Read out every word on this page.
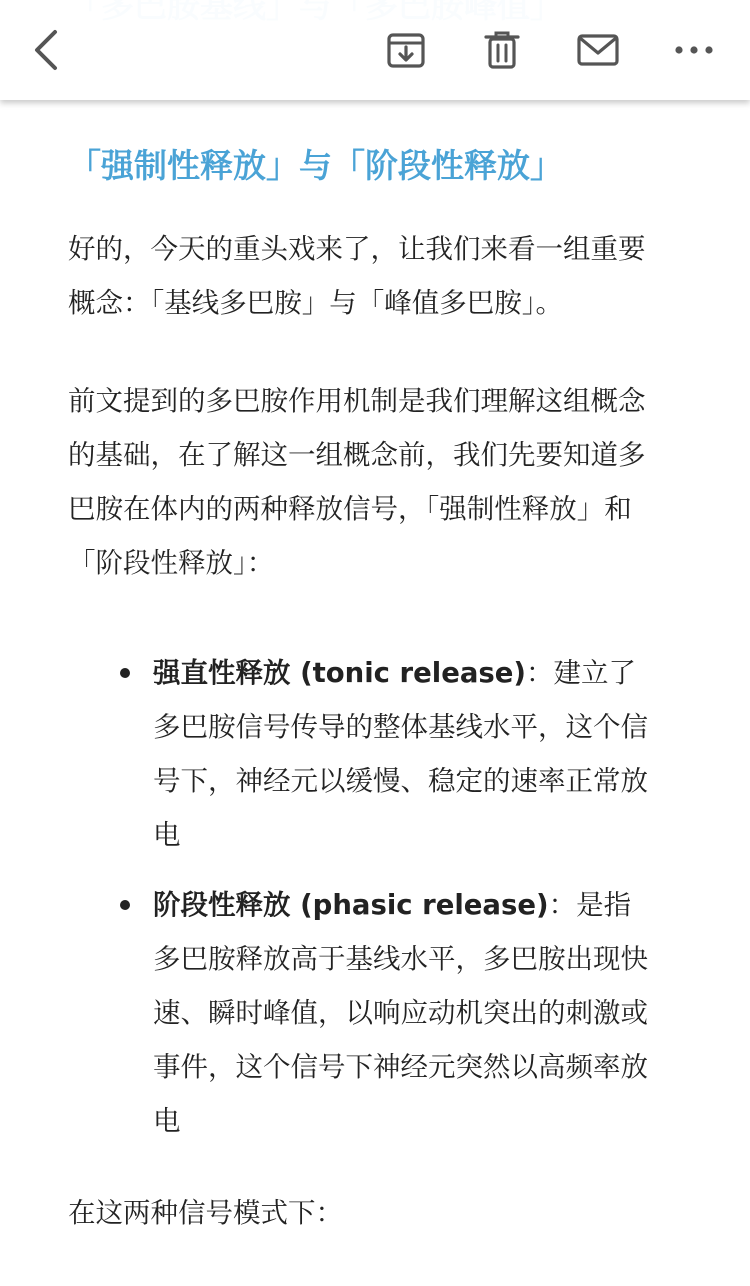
「强制性释放」与「阶段性释放」
好的，今天的重头戏来了，让我们来看一组重要概念：「基线多巴胺」与「峰值多巴胺」。
前文提到的多巴胺作用机制是我们理解这组概念的基础，在了解这一组概念前，我们先要知道多巴胺在体内的两种释放信号，「强制性释放」和「阶段性释放」：
强直性释放 (tonic release)：建立了多巴胺信号传导的整体基线水平，这个信号下，神经元以缓慢、稳定的速率正常放电
阶段性释放 (phasic release)：是指多巴胺释放高于基线水平，多巴胺出现快速、瞬时峰值，以响应动机突出的刺激或事件，这个信号下神经元突然以高频率放电
在这两种信号模式下：
